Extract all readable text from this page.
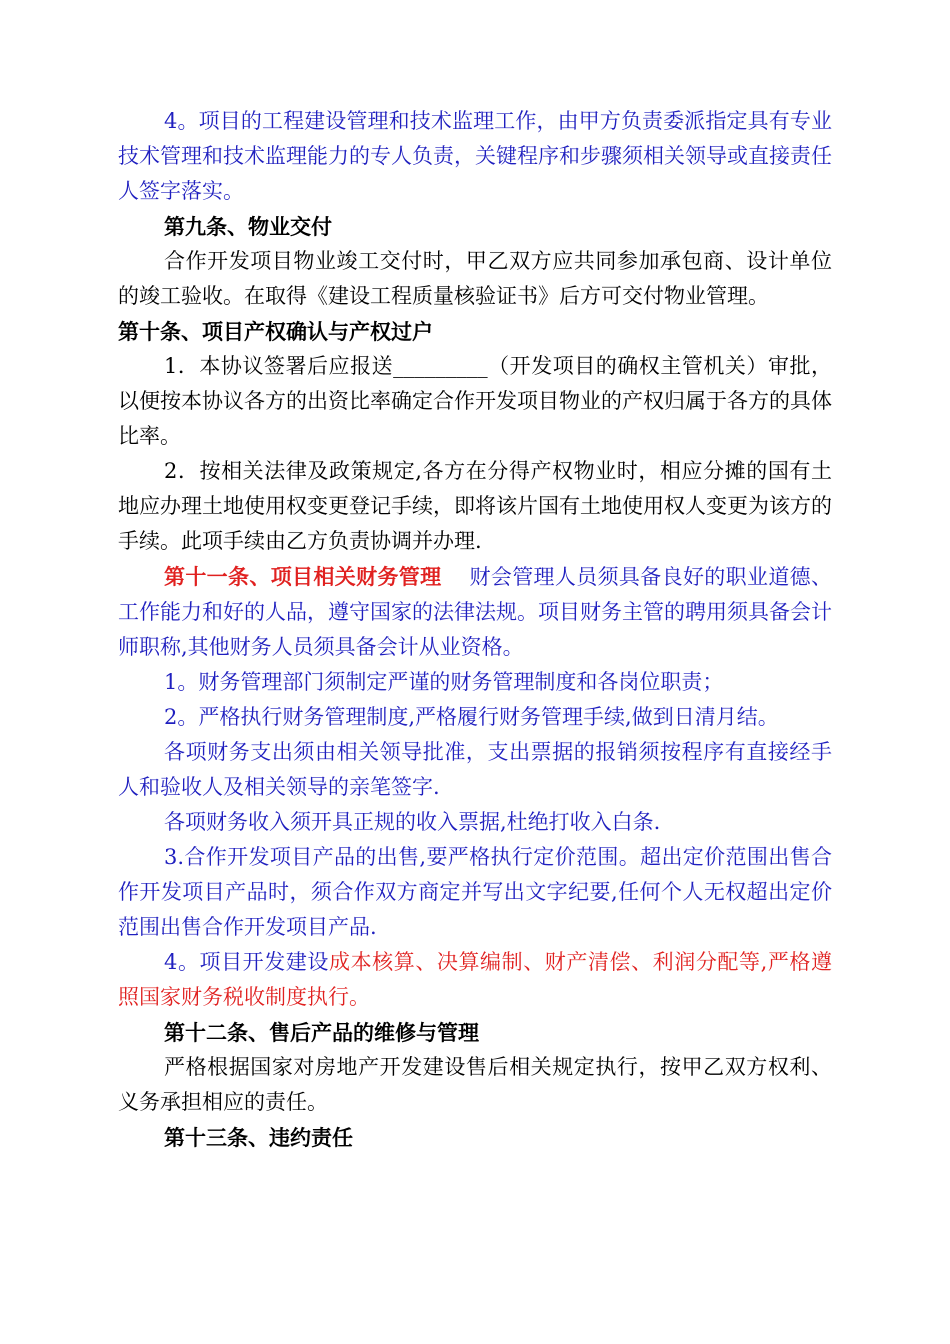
4。项目的工程建设管理和技术监理工作，由甲方负责委派指定具有专业技术管理和技术监理能力的专人负责，关键程序和步骤须相关领导或直接责任人签字落实。

第九条、物业交付

合作开发项目物业竣工交付时，甲乙双方应共同参加承包商、设计单位的竣工验收。在取得《建设工程质量核验证书》后方可交付物业管理。

第十条、项目产权确认与产权过户

1．本协议签署后应报送_________（开发项目的确权主管机关）审批，以便按本协议各方的出资比率确定合作开发项目物业的产权归属于各方的具体比率。

2．按相关法律及政策规定,各方在分得产权物业时，相应分摊的国有土地应办理土地使用权变更登记手续，即将该片国有土地使用权人变更为该方的手续。此项手续由乙方负责协调并办理.

第十一条、项目相关财务管理 财会管理人员须具备良好的职业道德、工作能力和好的人品，遵守国家的法律法规。项目财务主管的聘用须具备会计师职称,其他财务人员须具备会计从业资格。

1。财务管理部门须制定严谨的财务管理制度和各岗位职责；

2。严格执行财务管理制度,严格履行财务管理手续,做到日清月结。

各项财务支出须由相关领导批准，支出票据的报销须按程序有直接经手人和验收人及相关领导的亲笔签字.

各项财务收入须开具正规的收入票据,杜绝打收入白条.

3.合作开发项目产品的出售,要严格执行定价范围。超出定价范围出售合作开发项目产品时，须合作双方商定并写出文字纪要,任何个人无权超出定价范围出售合作开发项目产品.

4。项目开发建设成本核算、决算编制、财产清偿、利润分配等,严格遵照国家财务税收制度执行。

第十二条、售后产品的维修与管理

严格根据国家对房地产开发建设售后相关规定执行，按甲乙双方权利、义务承担相应的责任。

第十三条、违约责任
